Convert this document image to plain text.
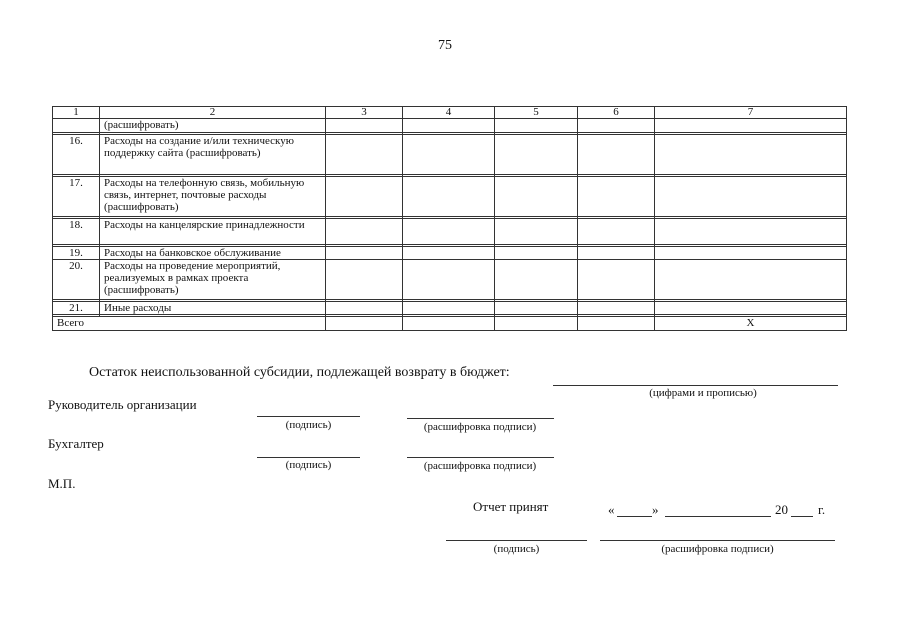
75
1	2	3	4	5	6	7
	(расшифровать)					

16.	Расходы на создание и/или техническую поддержку сайта (расшифровать)					

17.	Расходы на телефонную связь, мобильную связь, интернет, почтовые расходы (расшифровать)					

18.	Расходы на канцелярские принадлежности					

19.	Расходы на банковское обслуживание					
20.	Расходы на проведение мероприятий, реализуемых в рамках проекта (расшифровать)					

21.	Иные расходы					

Всего						Х
Остаток неиспользованной субсидии, подлежащей возврату в бюджет:
(цифрами и прописью)
Руководитель организации
(подпись)	(расшифровка подписи)
Бухгалтер
(подпись)	(расшифровка подписи)
М.П.
Отчет принят	«	»	20 г.
(подпись)	(расшифровка подписи)
